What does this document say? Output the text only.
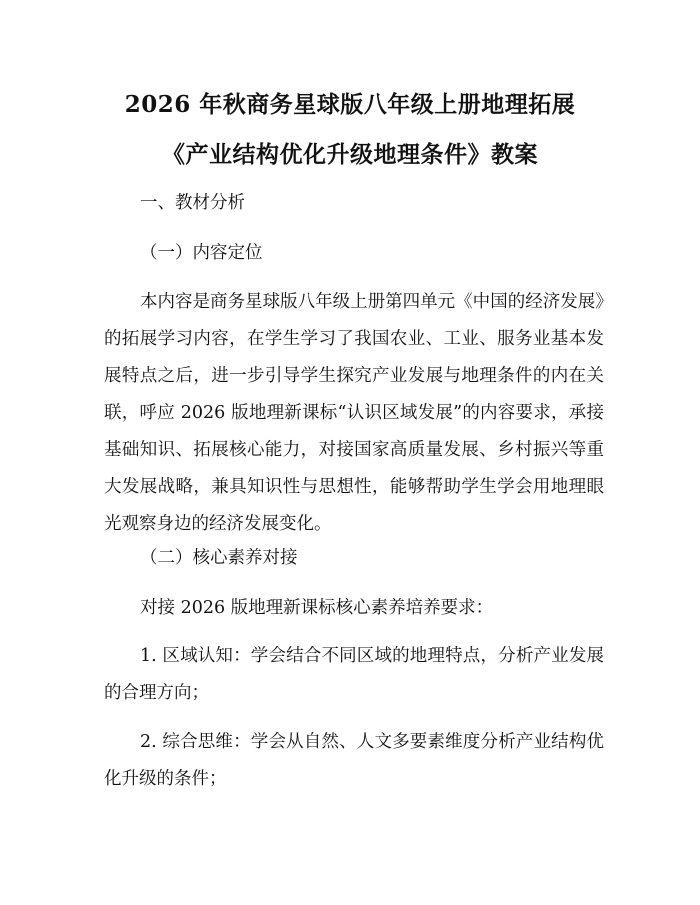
2026 年秋商务星球版八年级上册地理拓展
《产业结构优化升级地理条件》教案
一、教材分析
（一）内容定位
本内容是商务星球版八年级上册第四单元《中国的经济发展》的拓展学习内容，在学生学习了我国农业、工业、服务业基本发展特点之后，进一步引导学生探究产业发展与地理条件的内在关联，呼应 2026 版地理新课标“认识区域发展”的内容要求，承接基础知识、拓展核心能力，对接国家高质量发展、乡村振兴等重大发展战略，兼具知识性与思想性，能够帮助学生学会用地理眼光观察身边的经济发展变化。
（二）核心素养对接
对接 2026 版地理新课标核心素养培养要求：
1. 区域认知：学会结合不同区域的地理特点，分析产业发展的合理方向；
2. 综合思维：学会从自然、人文多要素维度分析产业结构优化升级的条件；
